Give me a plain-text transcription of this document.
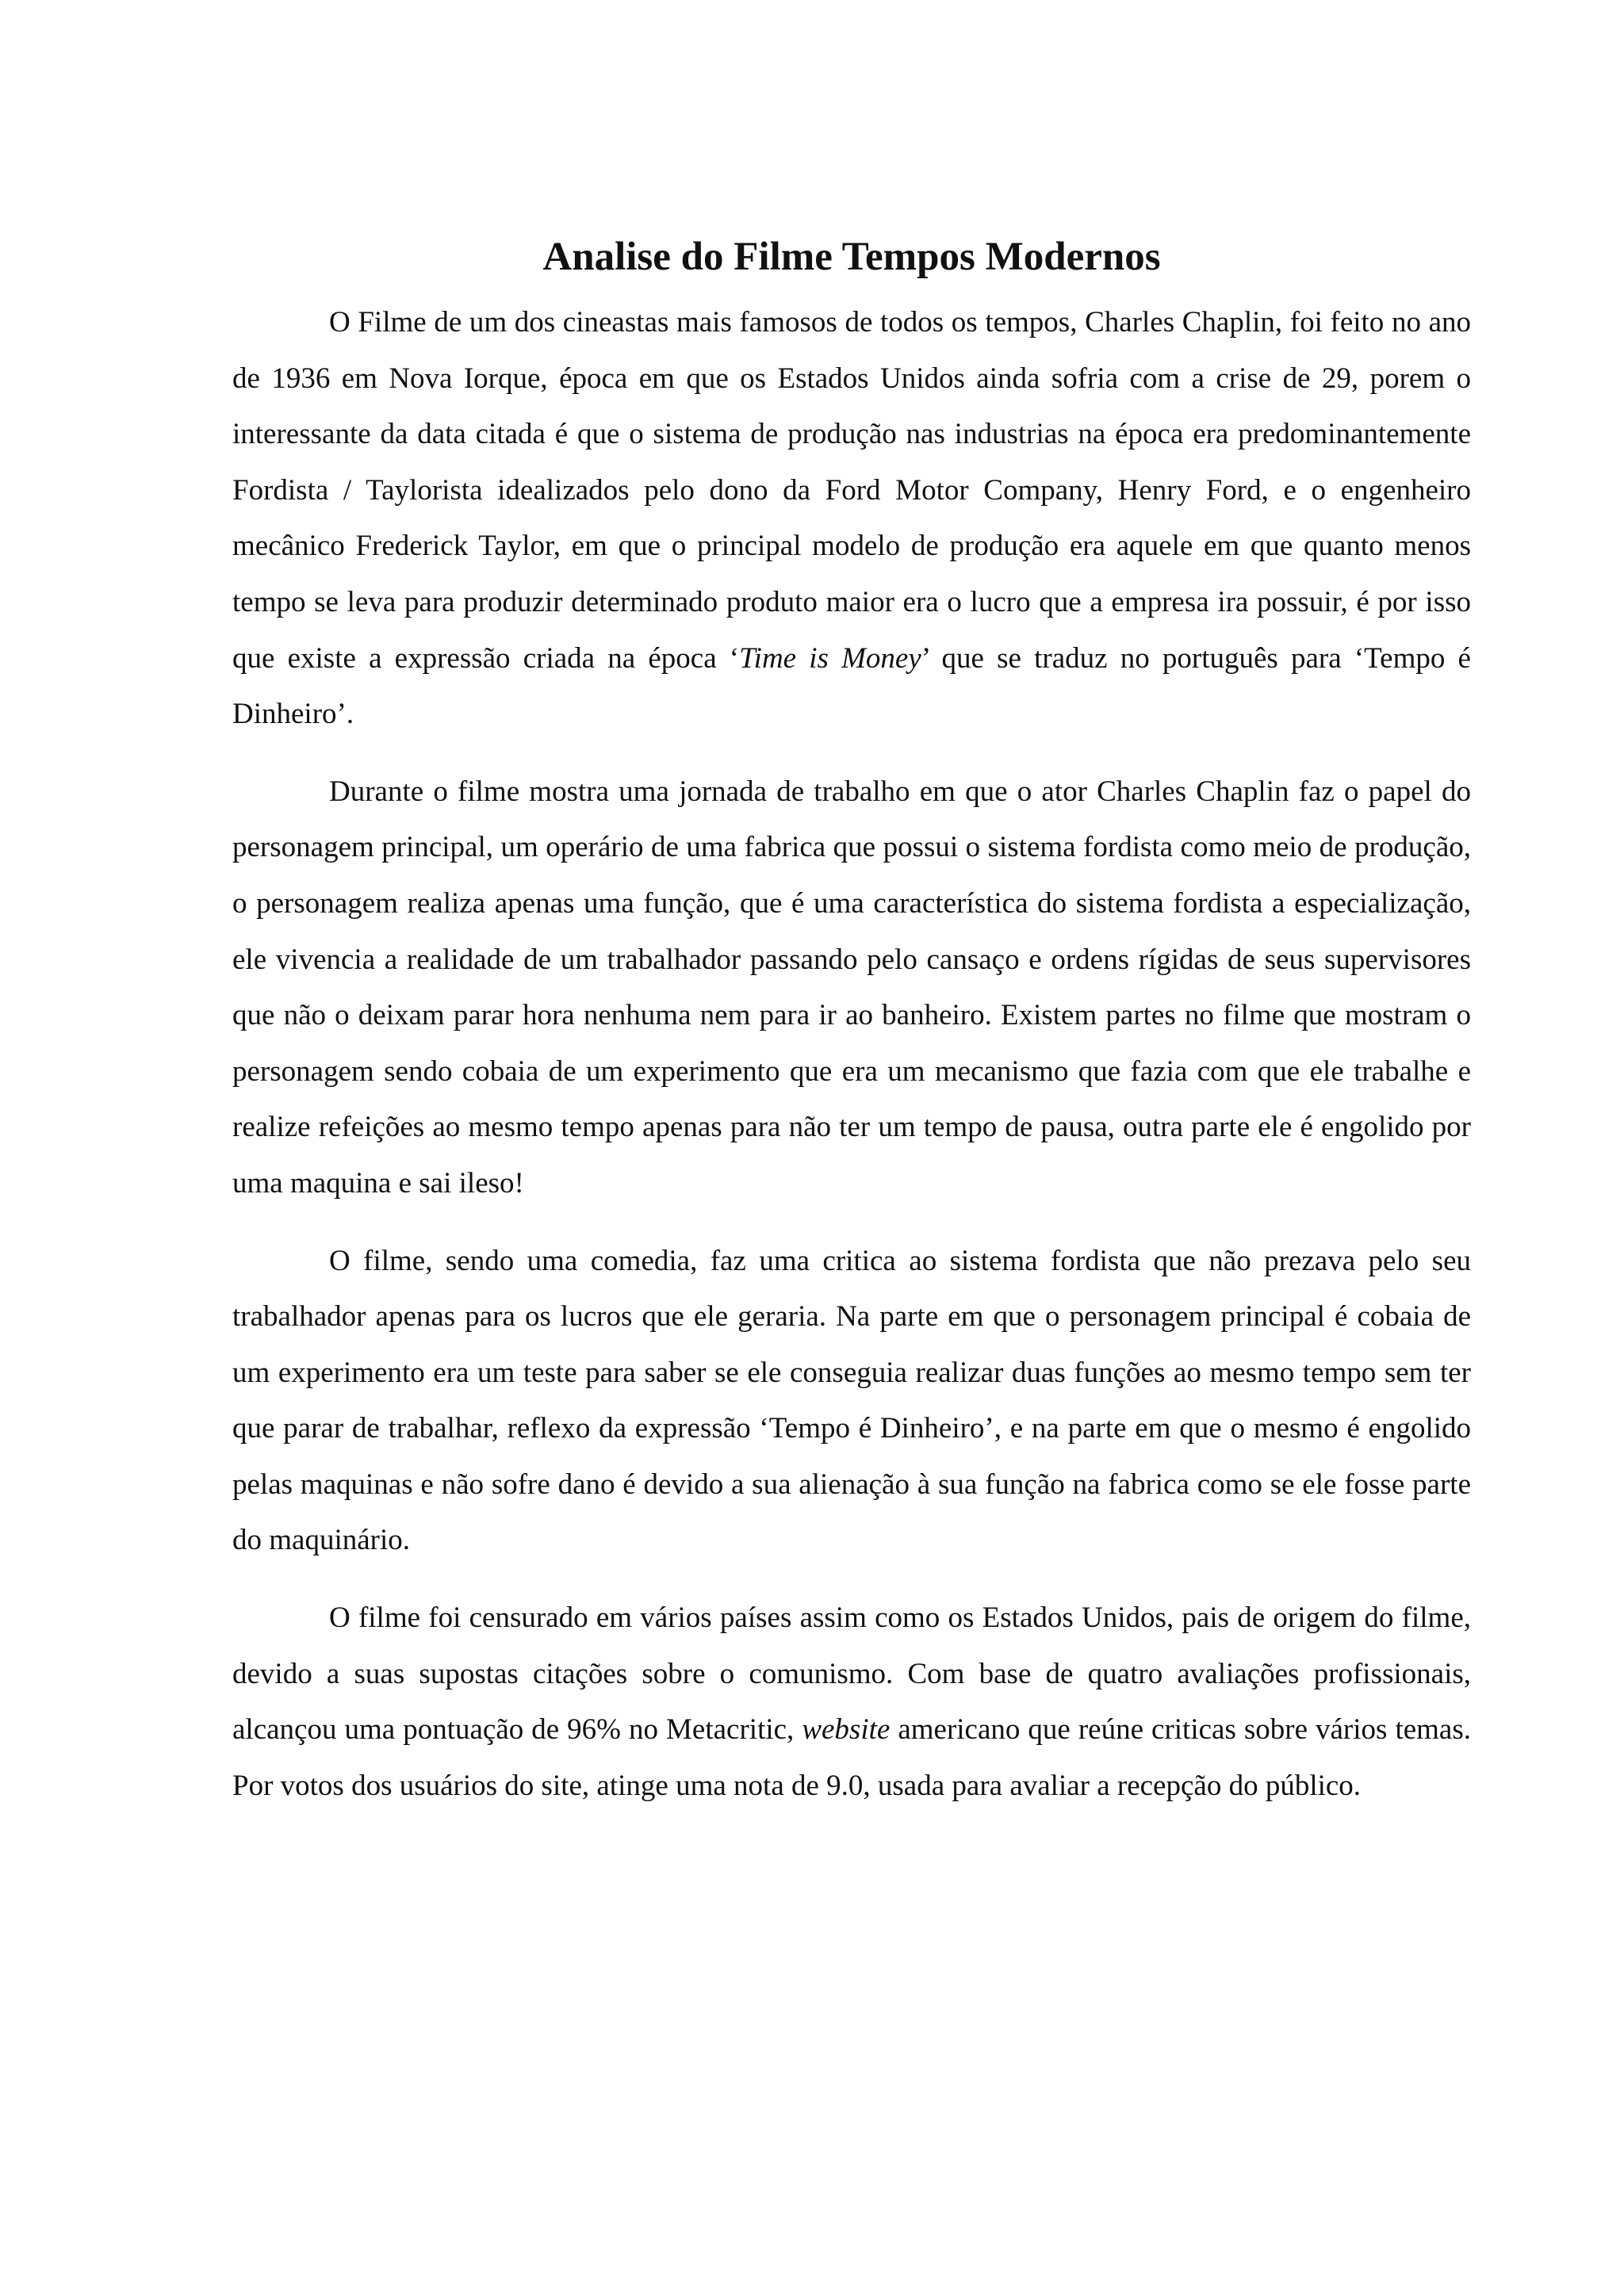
Analise do Filme Tempos Modernos

O Filme de um dos cineastas mais famosos de todos os tempos, Charles Chaplin, foi feito no ano de 1936 em Nova Iorque, época em que os Estados Unidos ainda sofria com a crise de 29, porem o interessante da data citada é que o sistema de produção nas industrias na época era predominantemente Fordista / Taylorista idealizados pelo dono da Ford Motor Company, Henry Ford, e o engenheiro mecânico Frederick Taylor, em que o principal modelo de produção era aquele em que quanto menos tempo se leva para produzir determinado produto maior era o lucro que a empresa ira possuir, é por isso que existe a expressão criada na época ‘Time is Money’ que se traduz no português para ‘Tempo é Dinheiro’.

Durante o filme mostra uma jornada de trabalho em que o ator Charles Chaplin faz o papel do personagem principal, um operário de uma fabrica que possui o sistema fordista como meio de produção, o personagem realiza apenas uma função, que é uma característica do sistema fordista a especialização, ele vivencia a realidade de um trabalhador passando pelo cansaço e ordens rígidas de seus supervisores que não o deixam parar hora nenhuma nem para ir ao banheiro. Existem partes no filme que mostram o personagem sendo cobaia de um experimento que era um mecanismo que fazia com que ele trabalhe e realize refeições ao mesmo tempo apenas para não ter um tempo de pausa, outra parte ele é engolido por uma maquina e sai ileso!

O filme, sendo uma comedia, faz uma critica ao sistema fordista que não prezava pelo seu trabalhador apenas para os lucros que ele geraria. Na parte em que o personagem principal é cobaia de um experimento era um teste para saber se ele conseguia realizar duas funções ao mesmo tempo sem ter que parar de trabalhar, reflexo da expressão ‘Tempo é Dinheiro’, e na parte em que o mesmo é engolido pelas maquinas e não sofre dano é devido a sua alienação à sua função na fabrica como se ele fosse parte do maquinário.

O filme foi censurado em vários países assim como os Estados Unidos, pais de origem do filme, devido a suas supostas citações sobre o comunismo. Com base de quatro avaliações profissionais, alcançou uma pontuação de 96% no Metacritic, website americano que reúne criticas sobre vários temas. Por votos dos usuários do site, atinge uma nota de 9.0, usada para avaliar a recepção do público.
